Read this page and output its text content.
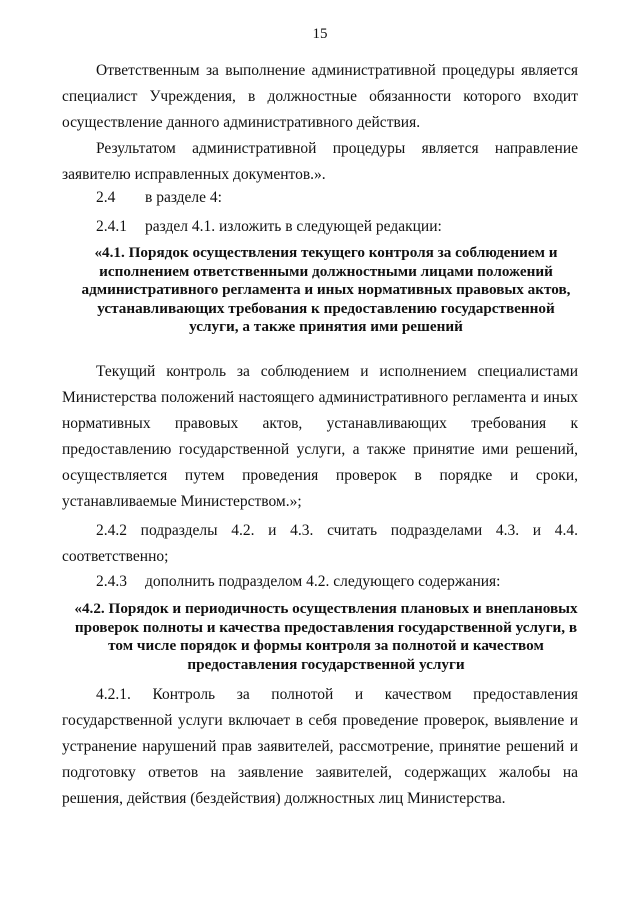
15
Ответственным за выполнение административной процедуры является специалист Учреждения, в должностные обязанности которого входит осуществление данного административного действия.
Результатом административной процедуры является направление заявителю исправленных документов.».
2.4 в разделе 4:
2.4.1 раздел 4.1. изложить в следующей редакции:
«4.1. Порядок осуществления текущего контроля за соблюдением и исполнением ответственными должностными лицами положений административного регламента и иных нормативных правовых актов, устанавливающих требования к предоставлению государственной услуги, а также принятия ими решений
Текущий контроль за соблюдением и исполнением специалистами Министерства положений настоящего административного регламента и иных нормативных правовых актов, устанавливающих требования к предоставлению государственной услуги, а также принятие ими решений, осуществляется путем проведения проверок в порядке и сроки, устанавливаемые Министерством.»;
2.4.2 подразделы 4.2. и 4.3. считать подразделами 4.3. и 4.4. соответственно;
2.4.3 дополнить подразделом 4.2. следующего содержания:
«4.2. Порядок и периодичность осуществления плановых и внеплановых проверок полноты и качества предоставления государственной услуги, в том числе порядок и формы контроля за полнотой и качеством предоставления государственной услуги
4.2.1. Контроль за полнотой и качеством предоставления государственной услуги включает в себя проведение проверок, выявление и устранение нарушений прав заявителей, рассмотрение, принятие решений и подготовку ответов на заявление заявителей, содержащих жалобы на решения, действия (бездействия) должностных лиц Министерства.
